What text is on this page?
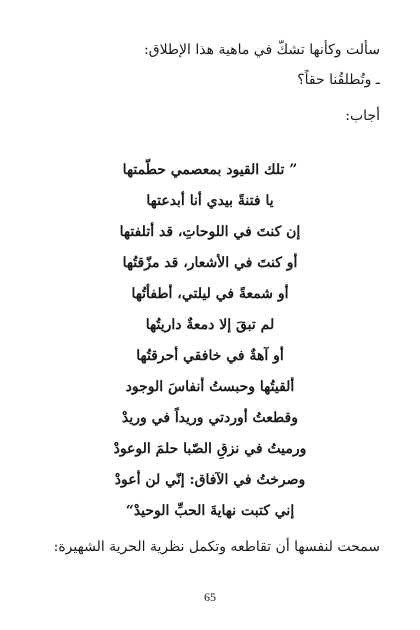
سألت وكأنها تشكّ في ماهية هذا الإطلاق:
ـ وتُطلقُنا حقاً؟
أجاب:
” تلك القيود بمعصمي حطّمتها
يا فتنةً بيدي أنا أبدعتها
إن كنتَ في اللوحاتِ، قد أتلفتها
أو كنتَ في الأشعار، قد مزّقتُها
أو شمعةً في ليلتي، أطفأتُها
لم تبقَ إلا دمعةٌ داريتُها
أو آهةٌ في خافقي أحرقتُها
ألقيتُها وحبستُ أنفاسَ الوجود
وقطعتُ أوردتي وريداً في وريدْ
ورميتُ في نزقِ الصّبا حلمَ الوعودْ
وصرختُ في الآفاق: إنّي لن أعودْ
إني كتبت نهايةَ الحبِّ الوحيدْ“
سمحت لنفسها أن تقاطعه وتكمل نظرية الحرية الشهيرة:
65
